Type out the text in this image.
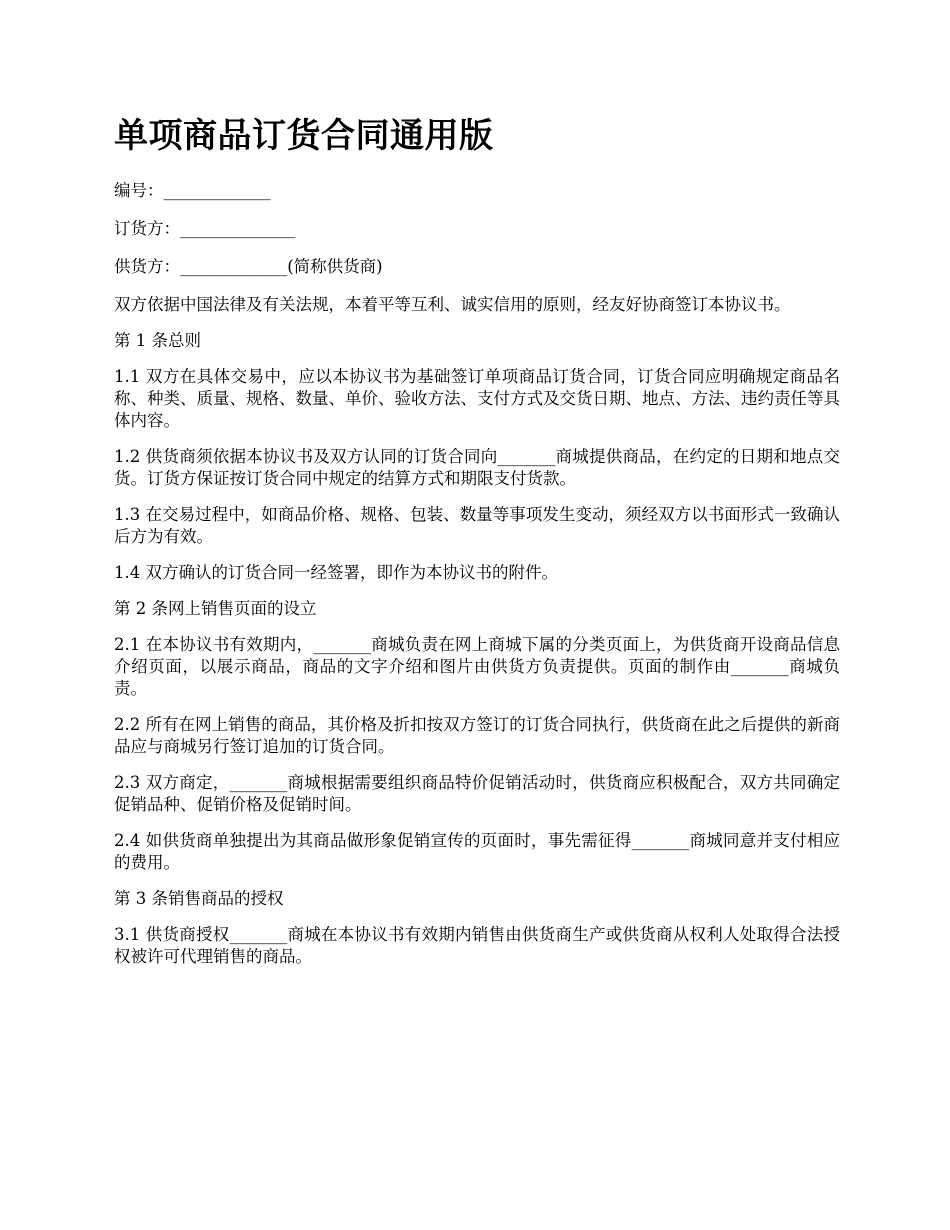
单项商品订货合同通用版

编号：_____________

订货方：______________

供货方：_____________(简称供货商)

双方依据中国法律及有关法规，本着平等互利、诚实信用的原则，经友好协商签订本协议书。

第 1 条总则

1.1 双方在具体交易中，应以本协议书为基础签订单项商品订货合同，订货合同应明确规定商品名称、种类、质量、规格、数量、单价、验收方法、支付方式及交货日期、地点、方法、违约责任等具体内容。

1.2 供货商须依据本协议书及双方认同的订货合同向_______商城提供商品，在约定的日期和地点交货。订货方保证按订货合同中规定的结算方式和期限支付货款。

1.3 在交易过程中，如商品价格、规格、包装、数量等事项发生变动，须经双方以书面形式一致确认后方为有效。

1.4 双方确认的订货合同一经签署，即作为本协议书的附件。

第 2 条网上销售页面的设立

2.1 在本协议书有效期内，_______商城负责在网上商城下属的分类页面上，为供货商开设商品信息介绍页面，以展示商品，商品的文字介绍和图片由供货方负责提供。页面的制作由_______商城负责。

2.2 所有在网上销售的商品，其价格及折扣按双方签订的订货合同执行，供货商在此之后提供的新商品应与商城另行签订追加的订货合同。

2.3 双方商定，_______商城根据需要组织商品特价促销活动时，供货商应积极配合，双方共同确定促销品种、促销价格及促销时间。

2.4 如供货商单独提出为其商品做形象促销宣传的页面时，事先需征得_______商城同意并支付相应的费用。

第 3 条销售商品的授权

3.1 供货商授权_______商城在本协议书有效期内销售由供货商生产或供货商从权利人处取得合法授权被许可代理销售的商品。
